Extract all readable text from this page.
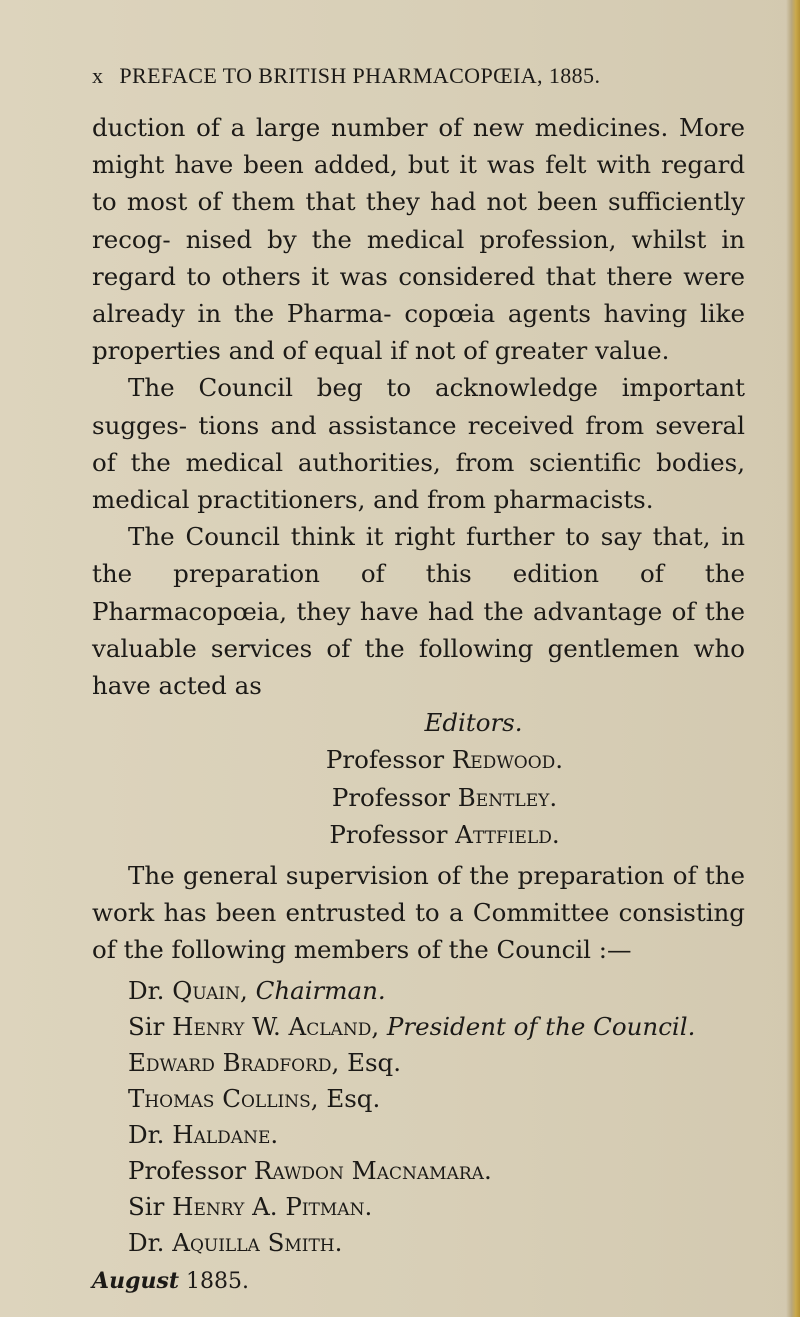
x PREFACE TO BRITISH PHARMACOPŒIA, 1885.

duction of a large number of new medicines. More might have been added, but it was felt with regard to most of them that they had not been sufficiently recog- nised by the medical profession, whilst in regard to others it was considered that there were already in the Pharma- copœia agents having like properties and of equal if not of greater value.

The Council beg to acknowledge important sugges- tions and assistance received from several of the medical authorities, from scientific bodies, medical practitioners, and from pharmacists.

The Council think it right further to say that, in the preparation of this edition of the Pharmacopœia, they have had the advantage of the valuable services of the following gentlemen who have acted as

Editors.
Professor Redwood.
Professor Bentley.
Professor Attfield.

The general supervision of the preparation of the work has been entrusted to a Committee consisting of the following members of the Council :—

Dr. Quain, Chairman.
Sir Henry W. Acland, President of the Council.
Edward Bradford, Esq.
Thomas Collins, Esq.
Dr. Haldane.
Professor Rawdon Macnamara.
Sir Henry A. Pitman.
Dr. Aquilla Smith.
August 1885.
